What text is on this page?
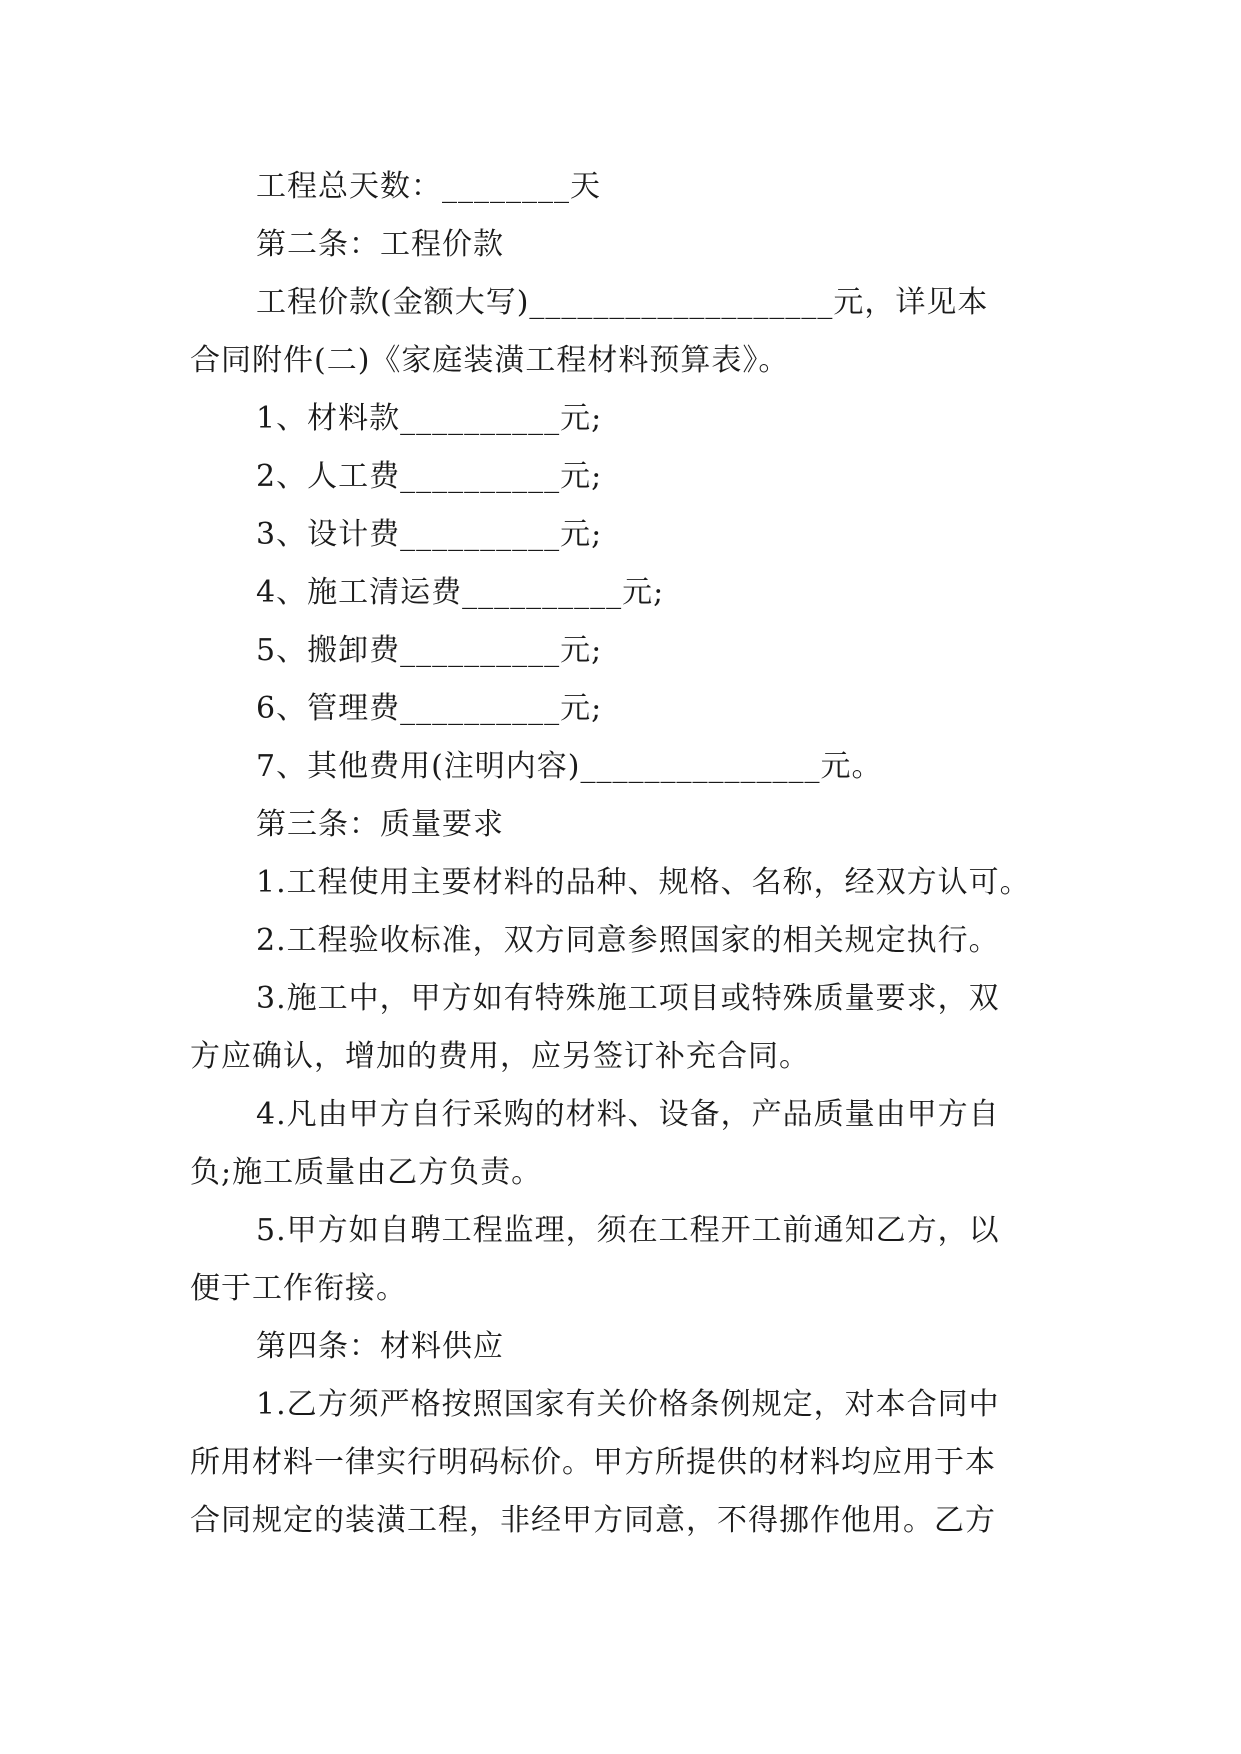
工程总天数：________天
第二条：工程价款
工程价款(金额大写)___________________元，详见本
合同附件(二)《家庭装潢工程材料预算表》。
1、材料款__________元;
2、人工费__________元;
3、设计费__________元;
4、施工清运费__________元;
5、搬卸费__________元;
6、管理费__________元;
7、其他费用(注明内容)_______________元。
第三条：质量要求
1.工程使用主要材料的品种、规格、名称，经双方认可。
2.工程验收标准，双方同意参照国家的相关规定执行。
3.施工中，甲方如有特殊施工项目或特殊质量要求，双
方应确认，增加的费用，应另签订补充合同。
4.凡由甲方自行采购的材料、设备，产品质量由甲方自
负;施工质量由乙方负责。
5.甲方如自聘工程监理，须在工程开工前通知乙方，以
便于工作衔接。
第四条：材料供应
1.乙方须严格按照国家有关价格条例规定，对本合同中
所用材料一律实行明码标价。甲方所提供的材料均应用于本
合同规定的装潢工程，非经甲方同意，不得挪作他用。乙方
